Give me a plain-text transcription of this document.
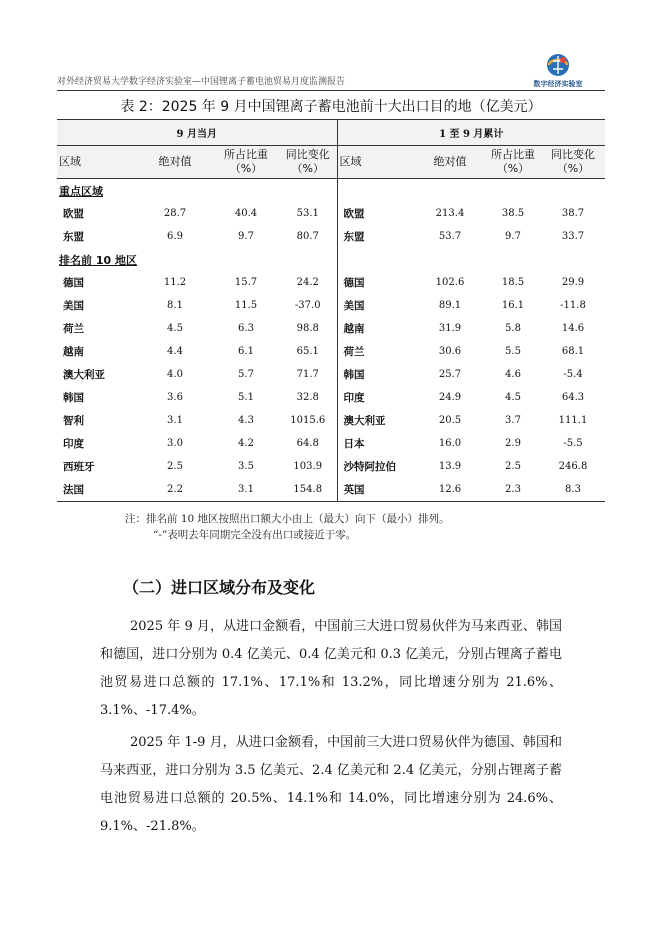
对外经济贸易大学数字经济实验室—中国锂离子蓄电池贸易月度监测报告	数字经济实验室
表 2：2025 年 9 月中国锂离子蓄电池前十大出口目的地（亿美元）
9 月当月				1 至 9 月累计			
区域	绝对值	所占比重（%）	同比变化（%）	区域	绝对值	所占比重（%）	同比变化（%）
重点区域							
欧盟	28.7	40.4	53.1	欧盟	213.4	38.5	38.7
东盟	6.9	9.7	80.7	东盟	53.7	9.7	33.7
排名前 10 地区							
德国	11.2	15.7	24.2	德国	102.6	18.5	29.9
美国	8.1	11.5	-37.0	美国	89.1	16.1	-11.8
荷兰	4.5	6.3	98.8	越南	31.9	5.8	14.6
越南	4.4	6.1	65.1	荷兰	30.6	5.5	68.1
澳大利亚	4.0	5.7	71.7	韩国	25.7	4.6	-5.4
韩国	3.6	5.1	32.8	印度	24.9	4.5	64.3
智利	3.1	4.3	1015.6	澳大利亚	20.5	3.7	111.1
印度	3.0	4.2	64.8	日本	16.0	2.9	-5.5
西班牙	2.5	3.5	103.9	沙特阿拉伯	13.9	2.5	246.8
法国	2.2	3.1	154.8	英国	12.6	2.3	8.3
注：排名前 10 地区按照出口额大小由上（最大）向下（最小）排列。
“-”表明去年同期完全没有出口或接近于零。
（二）进口区域分布及变化

2025 年 9 月，从进口金额看，中国前三大进口贸易伙伴为马来西亚、韩国和德国，进口分别为 0.4 亿美元、0.4 亿美元和 0.3 亿美元，分别占锂离子蓄电池贸易进口总额的 17.1%、17.1%和 13.2%，同比增速分别为 21.6%、3.1%、-17.4%。

2025 年 1-9 月，从进口金额看，中国前三大进口贸易伙伴为德国、韩国和马来西亚，进口分别为 3.5 亿美元、2.4 亿美元和 2.4 亿美元，分别占锂离子蓄电池贸易进口总额的 20.5%、14.1%和 14.0%，同比增速分别为 24.6%、9.1%、-21.8%。
